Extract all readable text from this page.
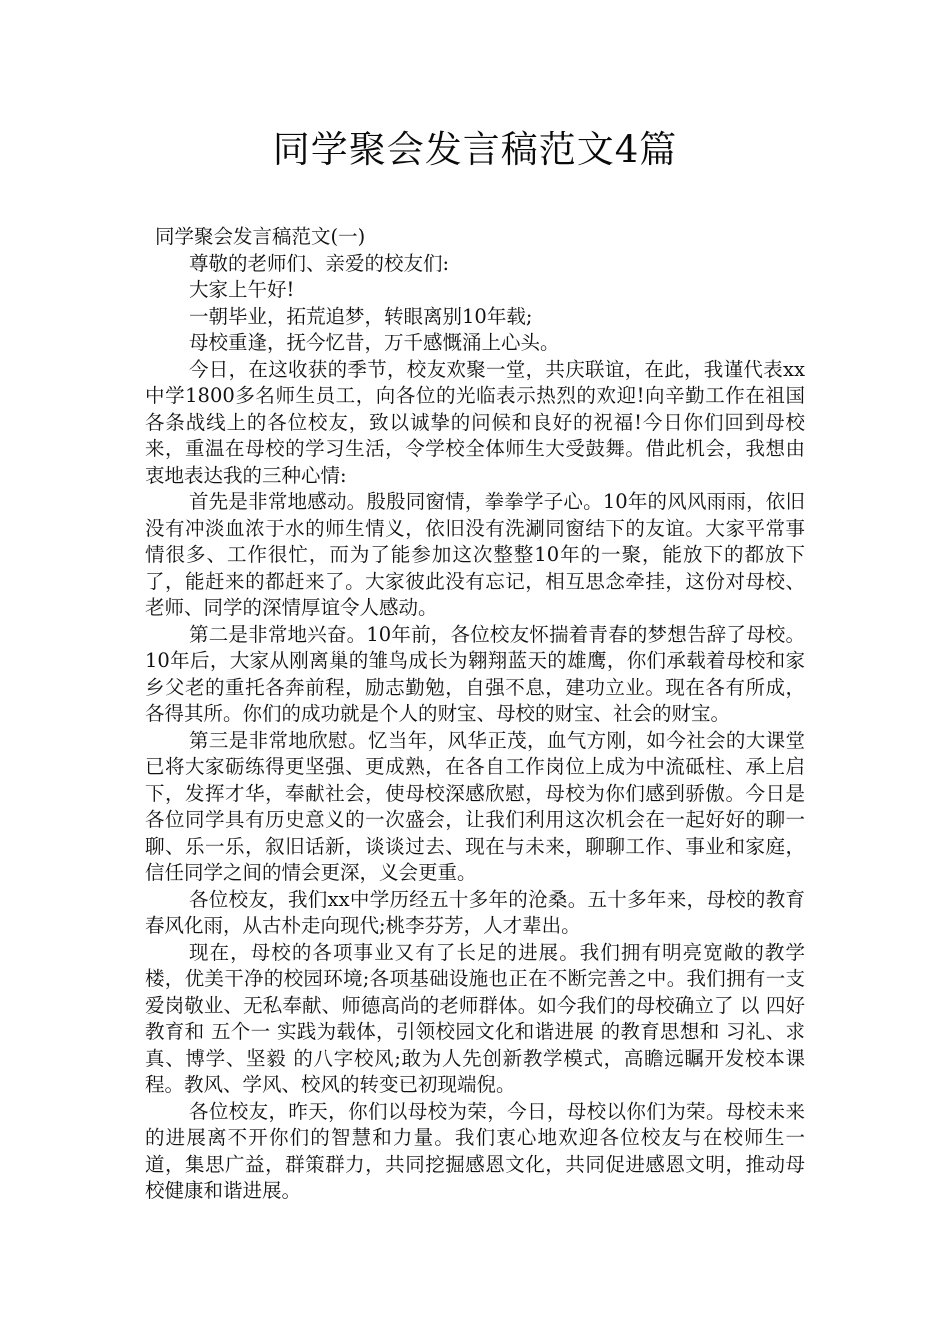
同学聚会发言稿范文4篇

同学聚会发言稿范文(一)

尊敬的老师们、亲爱的校友们:

大家上午好!

一朝毕业，拓荒追梦，转眼离别10年载;

母校重逢，抚今忆昔，万千感慨涌上心头。

今日，在这收获的季节，校友欢聚一堂，共庆联谊，在此，我谨代表xx中学1800多名师生员工，向各位的光临表示热烈的欢迎!向辛勤工作在祖国各条战线上的各位校友，致以诚挚的问候和良好的祝福!今日你们回到母校来，重温在母校的学习生活，令学校全体师生大受鼓舞。借此机会，我想由衷地表达我的三种心情:

首先是非常地感动。殷殷同窗情，拳拳学子心。10年的风风雨雨，依旧没有冲淡血浓于水的师生情义，依旧没有洗涮同窗结下的友谊。大家平常事情很多、工作很忙，而为了能参加这次整整10年的一聚，能放下的都放下了，能赶来的都赶来了。大家彼此没有忘记，相互思念牵挂，这份对母校、老师、同学的深情厚谊令人感动。

第二是非常地兴奋。10年前，各位校友怀揣着青春的梦想告辞了母校。10年后，大家从刚离巢的雏鸟成长为翱翔蓝天的雄鹰，你们承载着母校和家乡父老的重托各奔前程，励志勤勉，自强不息，建功立业。现在各有所成，各得其所。你们的成功就是个人的财宝、母校的财宝、社会的财宝。

第三是非常地欣慰。忆当年，风华正茂，血气方刚，如今社会的大课堂已将大家砺练得更坚强、更成熟，在各自工作岗位上成为中流砥柱、承上启下，发挥才华，奉献社会，使母校深感欣慰，母校为你们感到骄傲。今日是各位同学具有历史意义的一次盛会，让我们利用这次机会在一起好好的聊一聊、乐一乐，叙旧话新，谈谈过去、现在与未来，聊聊工作、事业和家庭，信任同学之间的情会更深，义会更重。

各位校友，我们xx中学历经五十多年的沧桑。五十多年来，母校的教育春风化雨，从古朴走向现代;桃李芬芳，人才辈出。

现在，母校的各项事业又有了长足的进展。我们拥有明亮宽敞的教学楼，优美干净的校园环境;各项基础设施也正在不断完善之中。我们拥有一支爱岗敬业、无私奉献、师德高尚的老师群体。如今我们的母校确立了 以 四好 教育和 五个一 实践为载体，引领校园文化和谐进展 的教育思想和 习礼、求真、博学、坚毅 的八字校风;敢为人先创新教学模式，高瞻远瞩开发校本课程。教风、学风、校风的转变已初现端倪。

各位校友，昨天，你们以母校为荣，今日，母校以你们为荣。母校未来的进展离不开你们的智慧和力量。我们衷心地欢迎各位校友与在校师生一道，集思广益，群策群力，共同挖掘感恩文化，共同促进感恩文明，推动母校健康和谐进展。
